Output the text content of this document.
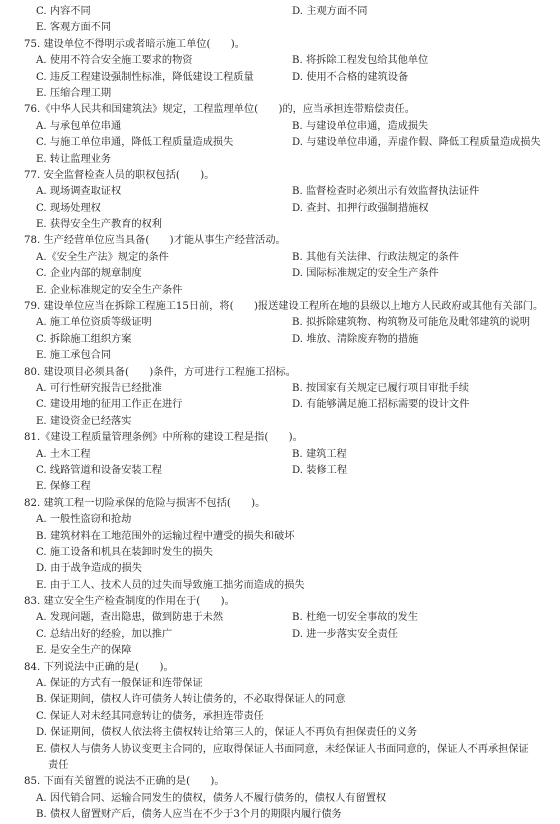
C. 内容不同	D. 主观方面不同
E. 客观方面不同
75. 建设单位不得明示或者暗示施工单位(　　)。
A. 使用不符合安全施工要求的物资	B. 将拆除工程发包给其他单位
C. 违反工程建设强制性标准，降低建设工程质量	D. 使用不合格的建筑设备
E. 压缩合理工期
76.《中华人民共和国建筑法》规定，工程监理单位(　　)的，应当承担连带赔偿责任。
A. 与承包单位串通	B. 与建设单位串通，造成损失
C. 与施工单位串通，降低工程质量造成损失	D. 与建设单位串通，弄虚作假、降低工程质量造成损失
E. 转让监理业务
77. 安全监督检查人员的职权包括(　　)。
A. 现场调查取证权	B. 监督检查时必须出示有效监督执法证件
C. 现场处理权	D. 查封、扣押行政强制措施权
E. 获得安全生产教育的权利
78. 生产经营单位应当具备(　　)才能从事生产经营活动。
A.《安全生产法》规定的条件	B. 其他有关法律、行政法规定的条件
C. 企业内部的规章制度	D. 国际标准规定的安全生产条件
E. 企业标准规定的安全生产条件
79. 建设单位应当在拆除工程施工15日前，将(　　)报送建设工程所在地的县级以上地方人民政府或其他有关部门。
A. 施工单位资质等级证明	B. 拟拆除建筑物、构筑物及可能危及毗邻建筑的说明
C. 拆除施工组织方案	D. 堆放、清除废弃物的措施
E. 施工承包合同
80. 建设项目必须具备(　　)条件，方可进行工程施工招标。
A. 可行性研究报告已经批准	B. 按国家有关规定已履行项目审批手续
C. 建设用地的征用工作正在进行	D. 有能够满足施工招标需要的设计文件
E. 建设资金已经落实
81.《建设工程质量管理条例》中所称的建设工程是指(　　)。
A. 土木工程	B. 建筑工程
C. 线路管道和设备安装工程	D. 装修工程
E. 保修工程
82. 建筑工程一切险承保的危险与损害不包括(　　)。
A. 一般性盗窃和抢劫
B. 建筑材料在工地范围外的运输过程中遭受的损失和破坏
C. 施工设备和机具在装卸时发生的损失
D. 由于战争造成的损失
E. 由于工人、技术人员的过失而导致施工拙劣而造成的损失
83. 建立安全生产检查制度的作用在于(　　)。
A. 发现问题，查出隐患，做到防患于未然	B. 杜绝一切安全事故的发生
C. 总结出好的经验，加以推广	D. 进一步落实安全责任
E. 是安全生产的保障
84. 下列说法中正确的是(　　)。
A. 保证的方式有一般保证和连带保证
B. 保证期间，债权人许可债务人转让债务的，不必取得保证人的同意
C. 保证人对未经其同意转让的债务，承担连带责任
D. 保证期间，债权人依法将主债权转让给第三人的，保证人不再负有担保责任的义务
E. 债权人与债务人协议变更主合同的，应取得保证人书面同意，未经保证人书面同意的，保证人不再承担保证
责任
85. 下面有关留置的说法不正确的是(　　)。
A. 因代销合同、运输合同发生的债权，债务人不履行债务的，债权人有留置权
B. 债权人留置财产后，债务人应当在不少于3个月的期限内履行债务
